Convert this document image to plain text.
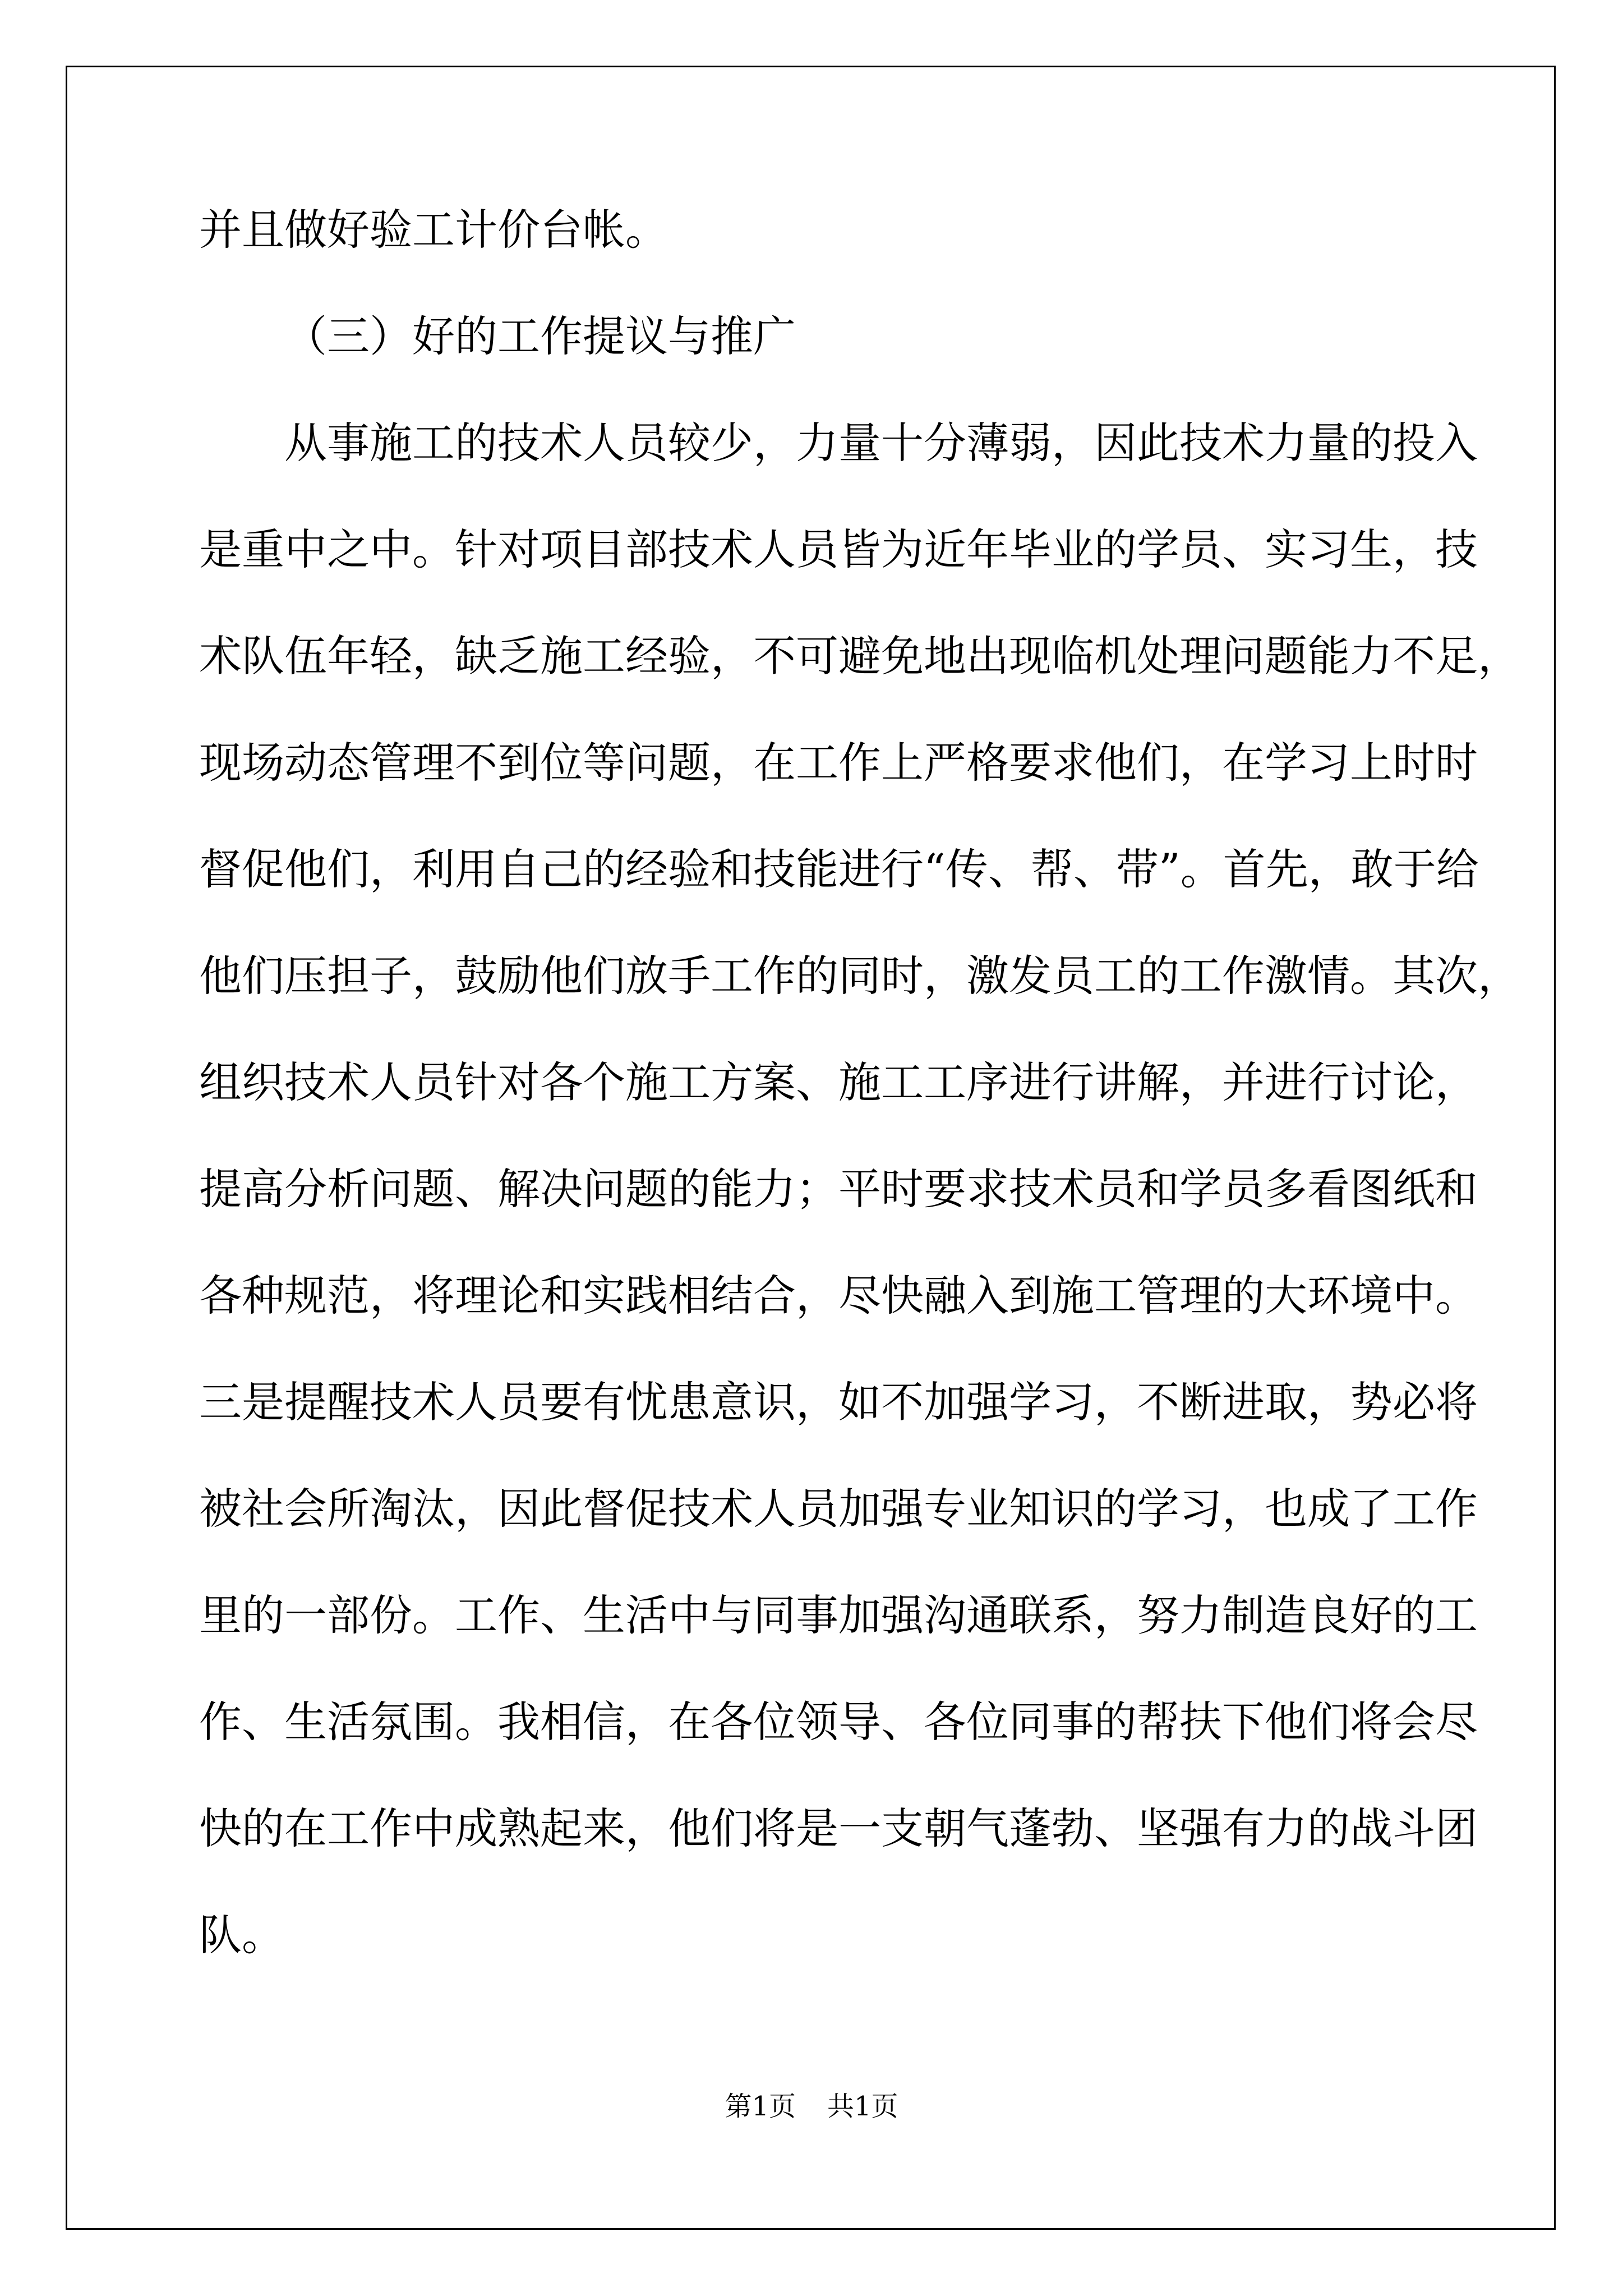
并且做好验工计价台帐。

（三）好的工作提议与推广

从事施工的技术人员较少，力量十分薄弱，因此技术力量的投入

是重中之中。针对项目部技术人员皆为近年毕业的学员、实习生，技

术队伍年轻，缺乏施工经验，不可避免地出现临机处理问题能力不足，

现场动态管理不到位等问题，在工作上严格要求他们，在学习上时时

督促他们，利用自己的经验和技能进行“传、帮、带”。首先，敢于给

他们压担子，鼓励他们放手工作的同时，激发员工的工作激情。其次，

组织技术人员针对各个施工方案、施工工序进行讲解，并进行讨论，

提高分析问题、解决问题的能力；平时要求技术员和学员多看图纸和

各种规范，将理论和实践相结合，尽快融入到施工管理的大环境中。

三是提醒技术人员要有忧患意识，如不加强学习，不断进取，势必将

被社会所淘汰，因此督促技术人员加强专业知识的学习，也成了工作

里的一部份。工作、生活中与同事加强沟通联系，努力制造良好的工

作、生活氛围。我相信，在各位领导、各位同事的帮扶下他们将会尽

快的在工作中成熟起来，他们将是一支朝气蓬勃、坚强有力的战斗团

队。

第1页 共1页
